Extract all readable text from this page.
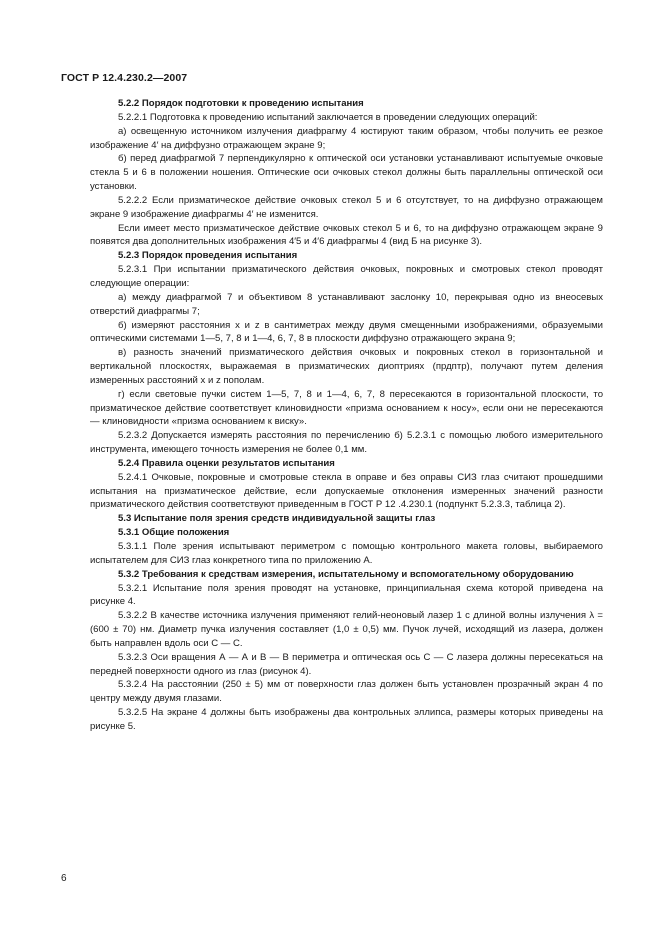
ГОСТ Р 12.4.230.2—2007

5.2.2 Порядок подготовки к проведению испытания

5.2.2.1 Подготовка к проведению испытаний заключается в проведении следующих операций:

а) освещенную источником излучения диафрагму 4 юстируют таким образом, чтобы получить ее резкое изображение 4′ на диффузно отражающем экране 9;

б) перед диафрагмой 7 перпендикулярно к оптической оси установки устанавливают испытуемые очковые стекла 5 и 6 в положении ношения. Оптические оси очковых стекол должны быть параллельны оптической оси установки.

5.2.2.2 Если призматическое действие очковых стекол 5 и 6 отсутствует, то на диффузно отражающем экране 9 изображение диафрагмы 4′ не изменится.

Если имеет место призматическое действие очковых стекол 5 и 6, то на диффузно отражающем экране 9 появятся два дополнительных изображения 4′5 и 4′6 диафрагмы 4 (вид Б на рисунке 3).

5.2.3 Порядок проведения испытания

5.2.3.1 При испытании призматического действия очковых, покровных и смотровых стекол проводят следующие операции:

а) между диафрагмой 7 и объективом 8 устанавливают заслонку 10, перекрывая одно из внеосевых отверстий диафрагмы 7;

б) измеряют расстояния x и z в сантиметрах между двумя смещенными изображениями, образуемыми оптическими системами 1—5, 7, 8 и 1—4, 6, 7, 8 в плоскости диффузно отражающего экрана 9;

в) разность значений призматического действия очковых и покровных стекол в горизонтальной и вертикальной плоскостях, выражаемая в призматических диоптриях (прдптр), получают путем деления измеренных расстояний x и z пополам.

г) если световые пучки систем 1—5, 7, 8 и 1—4, 6, 7, 8 пересекаются в горизонтальной плоскости, то призматическое действие соответствует клиновидности «призма основанием к носу», если они не пересекаются — клиновидности «призма основанием к виску».

5.2.3.2 Допускается измерять расстояния по перечислению б) 5.2.3.1 с помощью любого измерительного инструмента, имеющего точность измерения не более 0,1 мм.

5.2.4 Правила оценки результатов испытания

5.2.4.1 Очковые, покровные и смотровые стекла в оправе и без оправы СИЗ глаз считают прошедшими испытания на призматическое действие, если допускаемые отклонения измеренных значений разности призматического действия соответствуют приведенным в ГОСТ Р 12 .4.230.1 (подпункт 5.2.3.3, таблица 2).

5.3 Испытание поля зрения средств индивидуальной защиты глаз

5.3.1 Общие положения

5.3.1.1 Поле зрения испытывают периметром с помощью контрольного макета головы, выбираемого испытателем для СИЗ глаз конкретного типа по приложению А.

5.3.2 Требования к средствам измерения, испытательному и вспомогательному оборудованию

5.3.2.1 Испытание поля зрения проводят на установке, принципиальная схема которой приведена на рисунке 4.

5.3.2.2 В качестве источника излучения применяют гелий-неоновый лазер 1 с длиной волны излучения λ = (600 ± 70) нм. Диаметр пучка излучения составляет (1,0 ± 0,5) мм. Пучок лучей, исходящий из лазера, должен быть направлен вдоль оси С — С.

5.3.2.3 Оси вращения А — А и В — В периметра и оптическая ось С — С лазера должны пересекаться на передней поверхности одного из глаз (рисунок 4).

5.3.2.4 На расстоянии (250 ± 5) мм от поверхности глаз должен быть установлен прозрачный экран 4 по центру между двумя глазами.

5.3.2.5 На экране 4 должны быть изображены два контрольных эллипса, размеры которых приведены на рисунке 5.

6
